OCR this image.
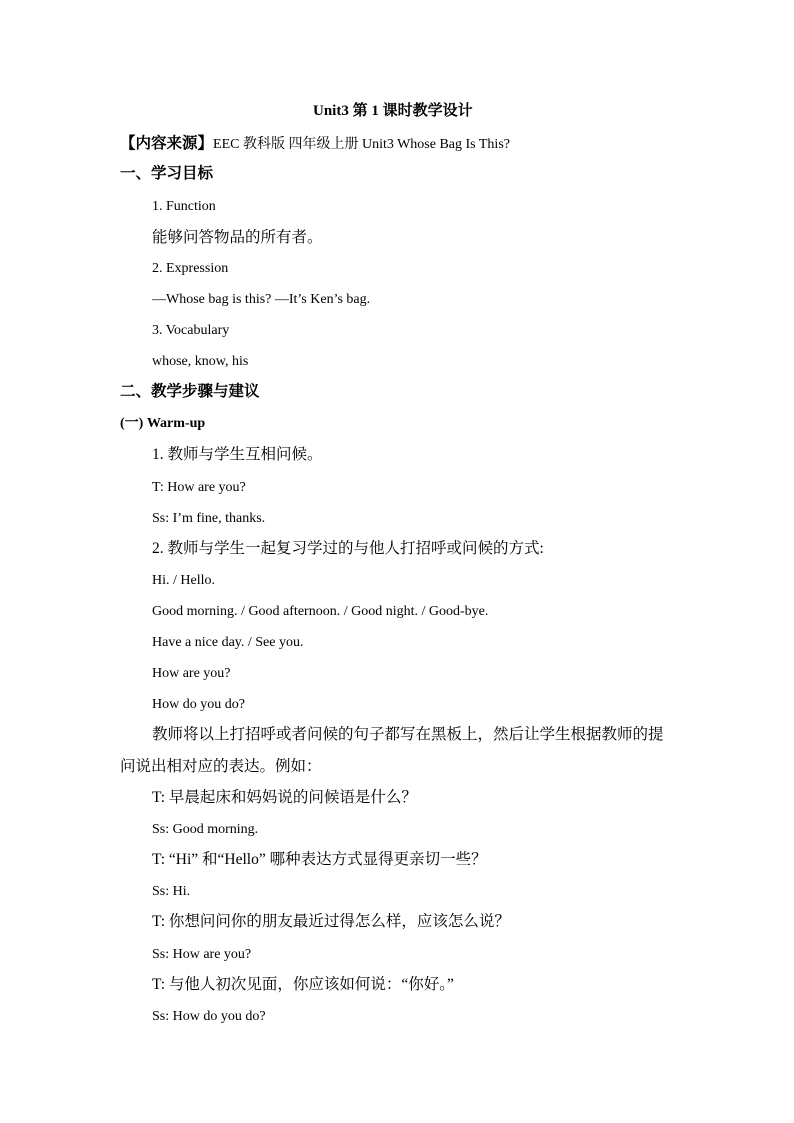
Unit3 第 1 课时教学设计
【内容来源】EEC 教科版 四年级上册 Unit3 Whose Bag Is This?
一、学习目标
1. Function
能够问答物品的所有者。
2. Expression
—Whose bag is this? —It’s Ken’s bag.
3. Vocabulary
whose, know, his
二、教学步骤与建议
(一) Warm-up
1. 教师与学生互相问候。
T: How are you?
Ss: I’m fine, thanks.
2. 教师与学生一起复习学过的与他人打招呼或问候的方式:
Hi. / Hello.
Good morning. / Good afternoon. / Good night. / Good-bye.
Have a nice day. / See you.
How are you?
How do you do?
教师将以上打招呼或者问候的句子都写在黑板上，然后让学生根据教师的提
问说出相对应的表达。例如：
T: 早晨起床和妈妈说的问候语是什么？
Ss: Good morning.
T: “Hi” 和“Hello” 哪种表达方式显得更亲切一些？
Ss: Hi.
T: 你想问问你的朋友最近过得怎么样，应该怎么说？
Ss: How are you?
T: 与他人初次见面，你应该如何说：“你好。”
Ss: How do you do?
